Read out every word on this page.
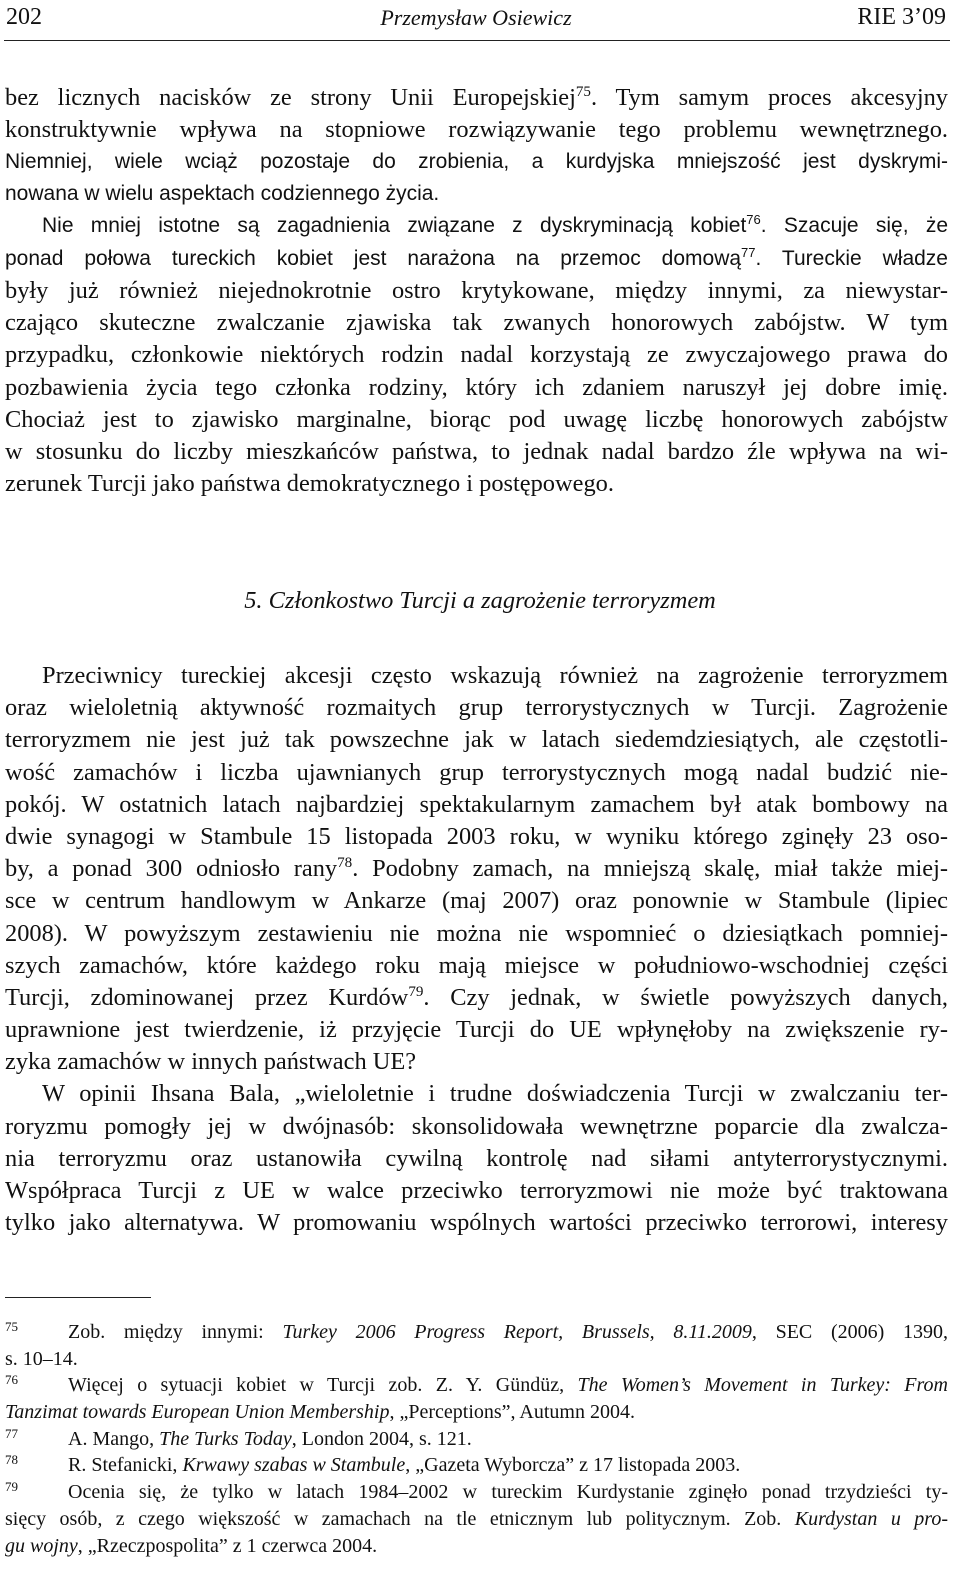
202	Przemysław Osiewicz	RIE 3’09
bez licznych nacisków ze strony Unii Europejskiej$^{75}$. Tym samym proces akcesyjny
konstruktywnie wpływa na stopniowe rozwiązywanie tego problemu wewnętrznego.
Niemniej, wiele wciąż pozostaje do zrobienia, a kurdyjska mniejszość jest dyskrymi-
nowana w wielu aspektach codziennego życia.
Nie mniej istotne są zagadnienia związane z dyskryminacją kobiet$^{76}$. Szacuje się, że
ponad połowa tureckich kobiet jest narażona na przemoc domową$^{77}$. Tureckie władze
były już również niejednokrotnie ostro krytykowane, między innymi, za niewystar-
czająco skuteczne zwalczanie zjawiska tak zwanych honorowych zabójstw. W tym
przypadku, członkowie niektórych rodzin nadal korzystają ze zwyczajowego prawa do
pozbawienia życia tego członka rodziny, który ich zdaniem naruszył jej dobre imię.
Chociaż jest to zjawisko marginalne, biorąc pod uwagę liczbę honorowych zabójstw
w stosunku do liczby mieszkańców państwa, to jednak nadal bardzo źle wpływa na wi-
zerunek Turcji jako państwa demokratycznego i postępowego.
5. Członkostwo Turcji a zagrożenie terroryzmem
Przeciwnicy tureckiej akcesji często wskazują również na zagrożenie terroryzmem
oraz wieloletnią aktywność rozmaitych grup terrorystycznych w Turcji. Zagrożenie
terroryzmem nie jest już tak powszechne jak w latach siedemdziesiątych, ale częstotli-
wość zamachów i liczba ujawnianych grup terrorystycznych mogą nadal budzić nie-
pokój. W ostatnich latach najbardziej spektakularnym zamachem był atak bombowy na
dwie synagogi w Stambule 15 listopada 2003 roku, w wyniku którego zginęły 23 oso-
by, a ponad 300 odniosło rany$^{78}$. Podobny zamach, na mniejszą skalę, miał także miej-
sce w centrum handlowym w Ankarze (maj 2007) oraz ponownie w Stambule (lipiec
2008). W powyższym zestawieniu nie można nie wspomnieć o dziesiątkach pomniej-
szych zamachów, które każdego roku mają miejsce w południowo-wschodniej części
Turcji, zdominowanej przez Kurdów$^{79}$. Czy jednak, w świetle powyższych danych,
uprawnione jest twierdzenie, iż przyjęcie Turcji do UE wpłynęłoby na zwiększenie ry-
zyka zamachów w innych państwach UE?
W opinii Ihsana Bala, „wieloletnie i trudne doświadczenia Turcji w zwalczaniu ter-
roryzmu pomogły jej w dwójnasób: skonsolidowała wewnętrzne poparcie dla zwalcza-
nia terroryzmu oraz ustanowiła cywilną kontrolę nad siłami antyterrorystycznymi.
Współpraca Turcji z UE w walce przeciwko terroryzmowi nie może być traktowana
tylko jako alternatywa. W promowaniu wspólnych wartości przeciwko terrorowi, interesy
75	Zob. między innymi: Turkey 2006 Progress Report, Brussels, 8.11.2009, SEC (2006) 1390,
s. 10–14.
76	Więcej o sytuacji kobiet w Turcji zob. Z. Y. Gündüz, The Women’s Movement in Turkey: From
Tanzimat towards European Union Membership, „Perceptions”, Autumn 2004.
77	A. Mango, The Turks Today, London 2004, s. 121.
78	R. Stefanicki, Krwawy szabas w Stambule, „Gazeta Wyborcza” z 17 listopada 2003.
79	Ocenia się, że tylko w latach 1984–2002 w tureckim Kurdystanie zginęło ponad trzydzieści ty-
sięcy osób, z czego większość w zamachach na tle etnicznym lub politycznym. Zob. Kurdystan u pro-
gu wojny, „Rzeczpospolita” z 1 czerwca 2004.
